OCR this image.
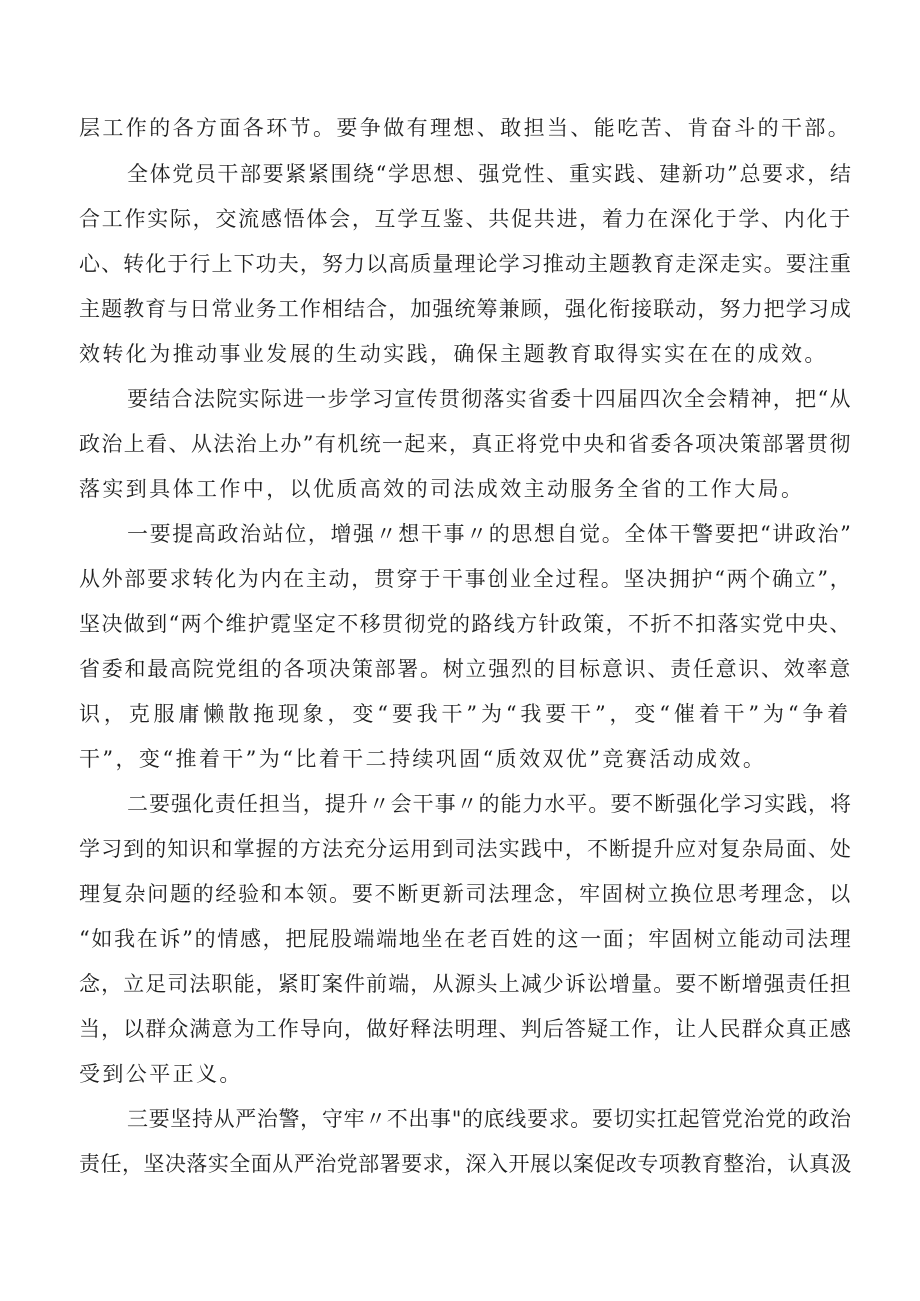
层工作的各方面各环节。要争做有理想、敢担当、能吃苦、肯奋斗的干部。
全体党员干部要紧紧围绕“学思想、强党性、重实践、建新功”总要求，结
合工作实际，交流感悟体会，互学互鉴、共促共进，着力在深化于学、内化于
心、转化于行上下功夫，努力以高质量理论学习推动主题教育走深走实。要注重
主题教育与日常业务工作相结合，加强统筹兼顾，强化衔接联动，努力把学习成
效转化为推动事业发展的生动实践，确保主题教育取得实实在在的成效。
要结合法院实际进一步学习宣传贯彻落实省委十四届四次全会精神，把“从
政治上看、从法治上办”有机统一起来，真正将党中央和省委各项决策部署贯彻
落实到具体工作中，以优质高效的司法成效主动服务全省的工作大局。
一要提高政治站位，增强〃想干事〃的思想自觉。全体干警要把“讲政治”
从外部要求转化为内在主动，贯穿于干事创业全过程。坚决拥护“两个确立”，
坚决做到“两个维护霓坚定不移贯彻党的路线方针政策，不折不扣落实党中央、
省委和最高院党组的各项决策部署。树立强烈的目标意识、责任意识、效率意
识，克服庸懒散拖现象，变“要我干”为“我要干”，变“催着干”为“争着
干”，变“推着干”为“比着干二持续巩固“质效双优”竞赛活动成效。
二要强化责任担当，提升〃会干事〃的能力水平。要不断强化学习实践，将
学习到的知识和掌握的方法充分运用到司法实践中，不断提升应对复杂局面、处
理复杂问题的经验和本领。要不断更新司法理念，牢固树立换位思考理念，以
“如我在诉”的情感，把屁股端端地坐在老百姓的这一面；牢固树立能动司法理
念，立足司法职能，紧盯案件前端，从源头上减少诉讼增量。要不断增强责任担
当，以群众满意为工作导向，做好释法明理、判后答疑工作，让人民群众真正感
受到公平正义。
三要坚持从严治警，守牢〃不出事"的底线要求。要切实扛起管党治党的政治
责任，坚决落实全面从严治党部署要求，深入开展以案促改专项教育整治，认真汲
